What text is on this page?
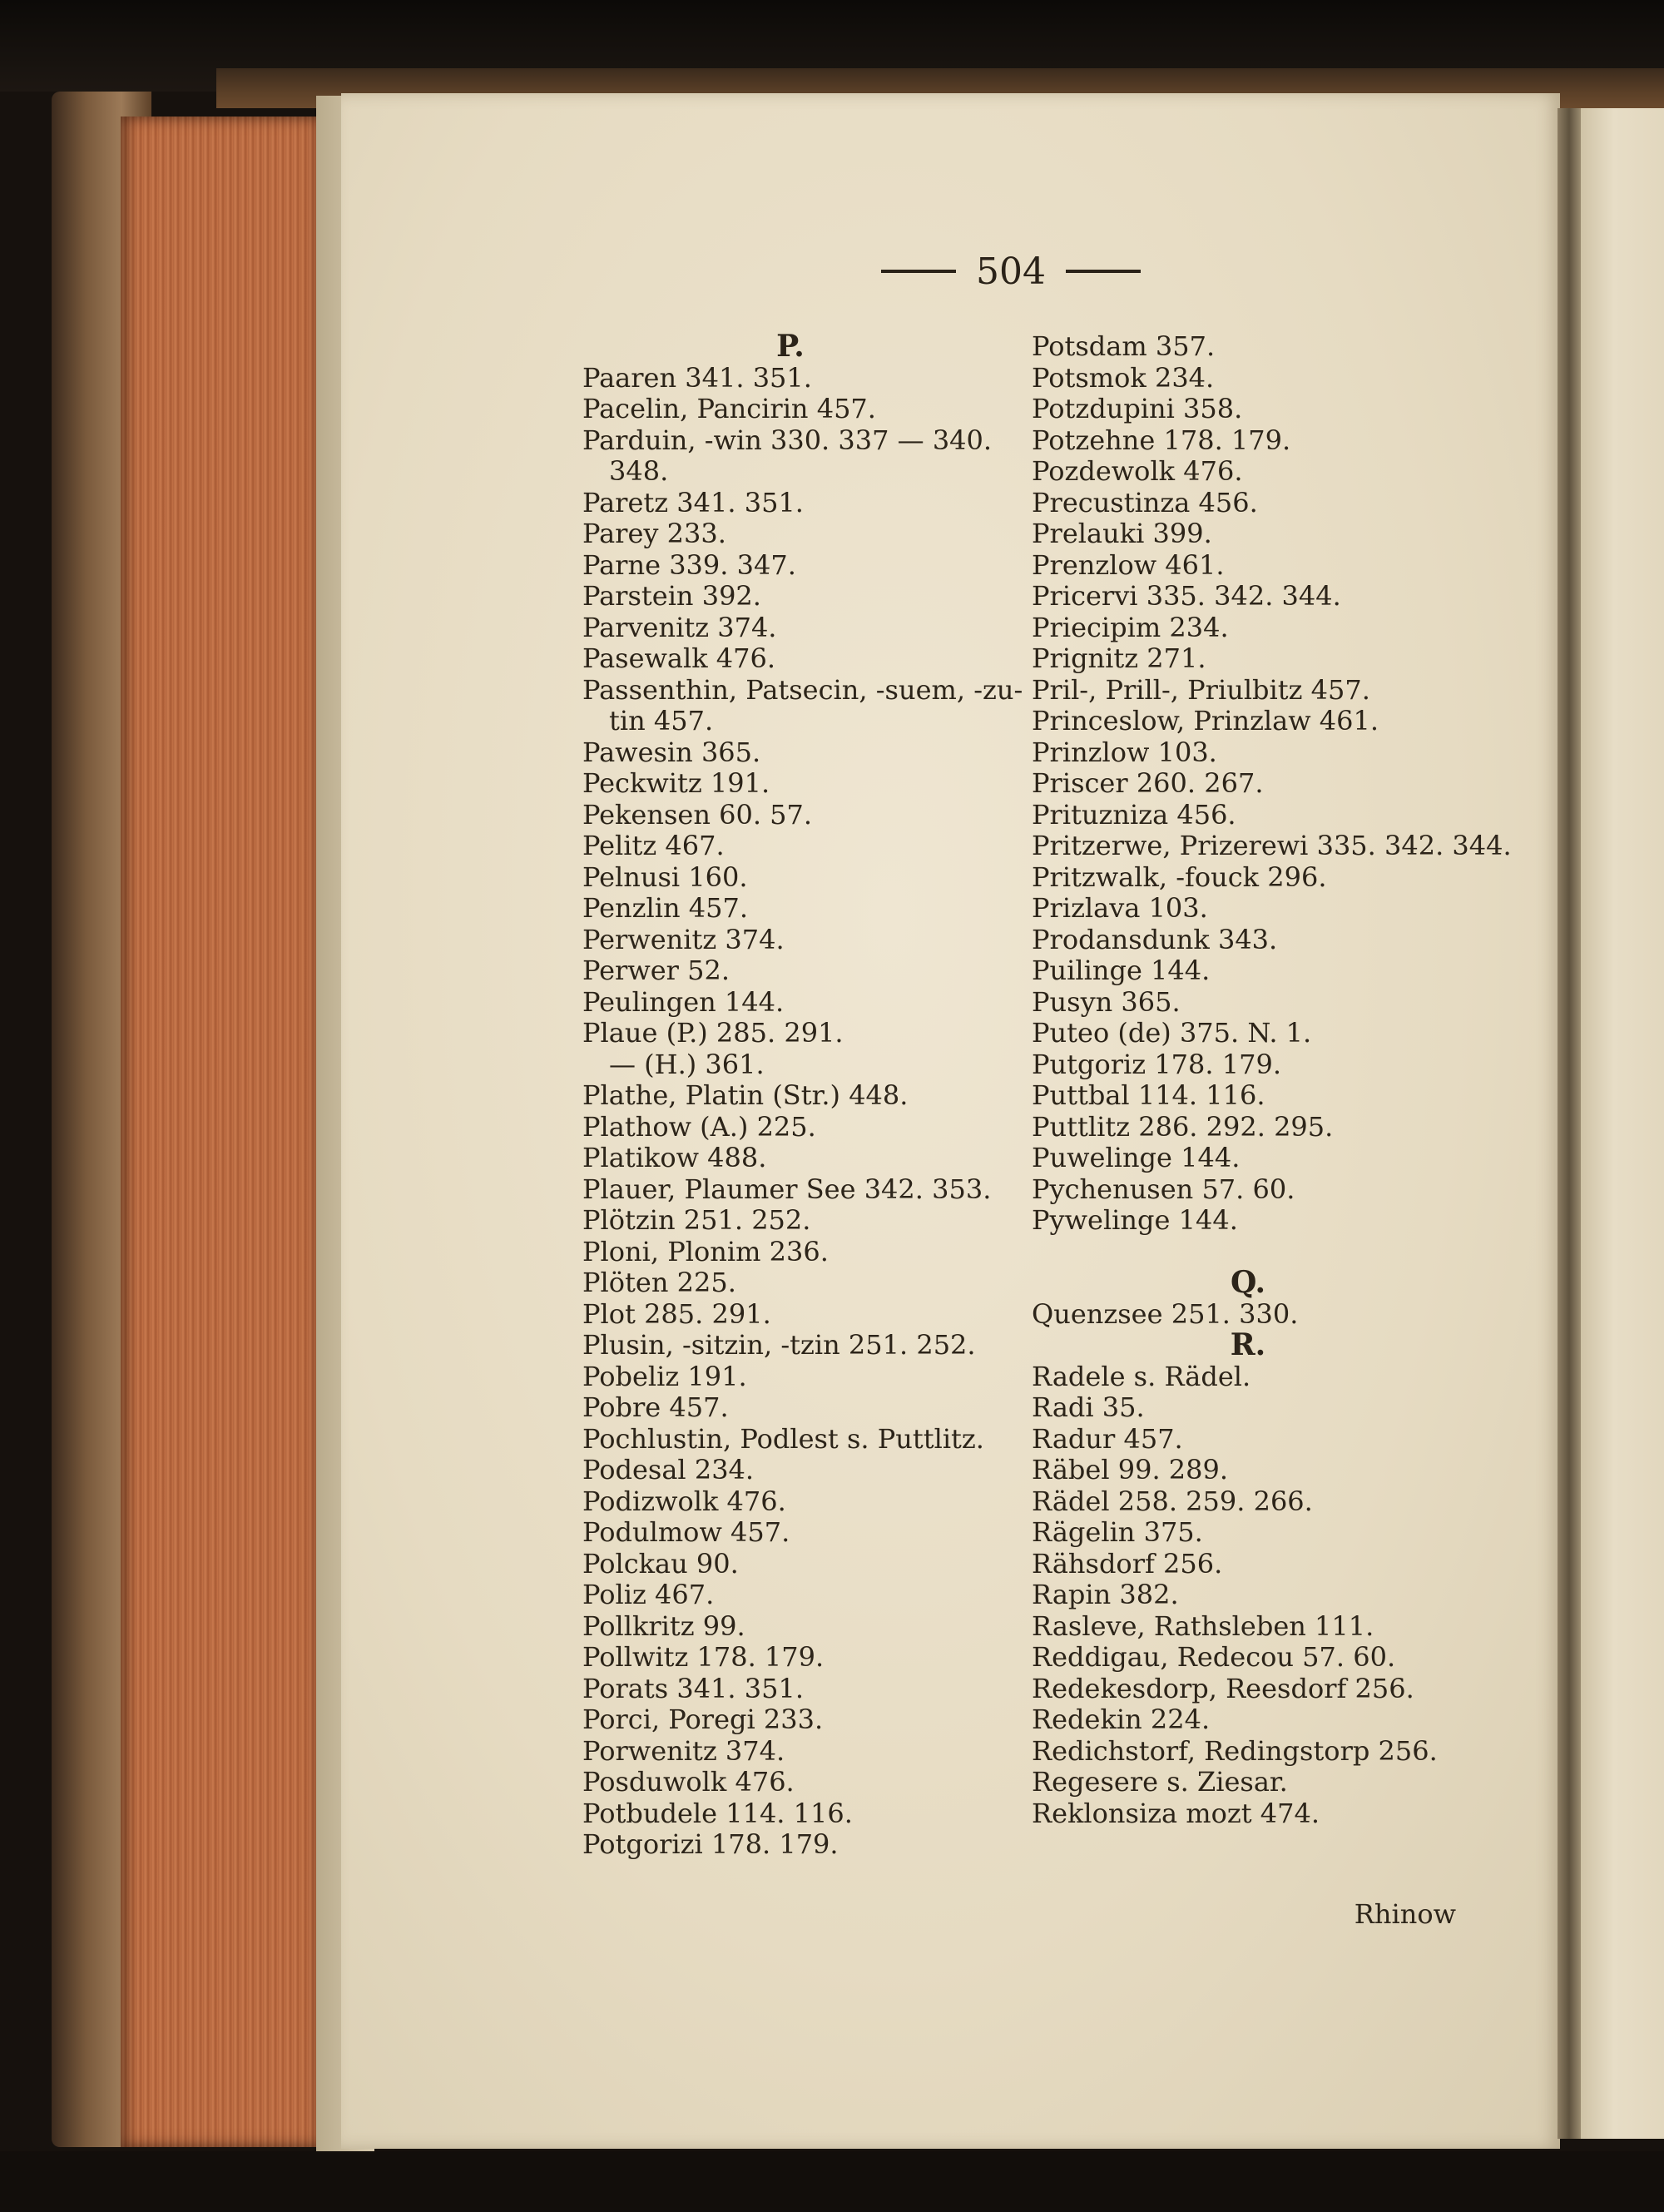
504
P.
Paaren 341. 351.
Pacelin, Pancirin 457.
Parduin, -win 330. 337 — 340.
348.
Paretz 341. 351.
Parey 233.
Parne 339. 347.
Parstein 392.
Parvenitz 374.
Pasewalk 476.
Passenthin, Patsecin, -suem, -zu-
tin 457.
Pawesin 365.
Peckwitz 191.
Pekensen 60. 57.
Pelitz 467.
Pelnusi 160.
Penzlin 457.
Perwenitz 374.
Perwer 52.
Peulingen 144.
Plaue (P.) 285. 291.
— (H.) 361.
Plathe, Platin (Str.) 448.
Plathow (A.) 225.
Platikow 488.
Plauer, Plaumer See 342. 353.
Plötzin 251. 252.
Ploni, Plonim 236.
Plöten 225.
Plot 285. 291.
Plusin, -sitzin, -tzin 251. 252.
Pobeliz 191.
Pobre 457.
Pochlustin, Podlest s. Puttlitz.
Podesal 234.
Podizwolk 476.
Podulmow 457.
Polckau 90.
Poliz 467.
Pollkritz 99.
Pollwitz 178. 179.
Porats 341. 351.
Porci, Poregi 233.
Porwenitz 374.
Posduwolk 476.
Potbudele 114. 116.
Potgorizi 178. 179.
Potsdam 357.
Potsmok 234.
Potzdupini 358.
Potzehne 178. 179.
Pozdewolk 476.
Precustinza 456.
Prelauki 399.
Prenzlow 461.
Pricervi 335. 342. 344.
Priecipim 234.
Prignitz 271.
Pril-, Prill-, Priulbitz 457.
Princeslow, Prinzlaw 461.
Prinzlow 103.
Priscer 260. 267.
Prituzniza 456.
Pritzerwe, Prizerewi 335. 342. 344.
Pritzwalk, -fouck 296.
Prizlava 103.
Prodansdunk 343.
Puilinge 144.
Pusyn 365.
Puteo (de) 375. N. 1.
Putgoriz 178. 179.
Puttbal 114. 116.
Puttlitz 286. 292. 295.
Puwelinge 144.
Pychenusen 57. 60.
Pywelinge 144.
Q.
Quenzsee 251. 330.
R.
Radele s. Rädel.
Radi 35.
Radur 457.
Räbel 99. 289.
Rädel 258. 259. 266.
Rägelin 375.
Rähsdorf 256.
Rapin 382.
Rasleve, Rathsleben 111.
Reddigau, Redecou 57. 60.
Redekesdorp, Reesdorf 256.
Redekin 224.
Redichstorf, Redingstorp 256.
Regesere s. Ziesar.
Reklonsiza mozt 474.
Rhinow
